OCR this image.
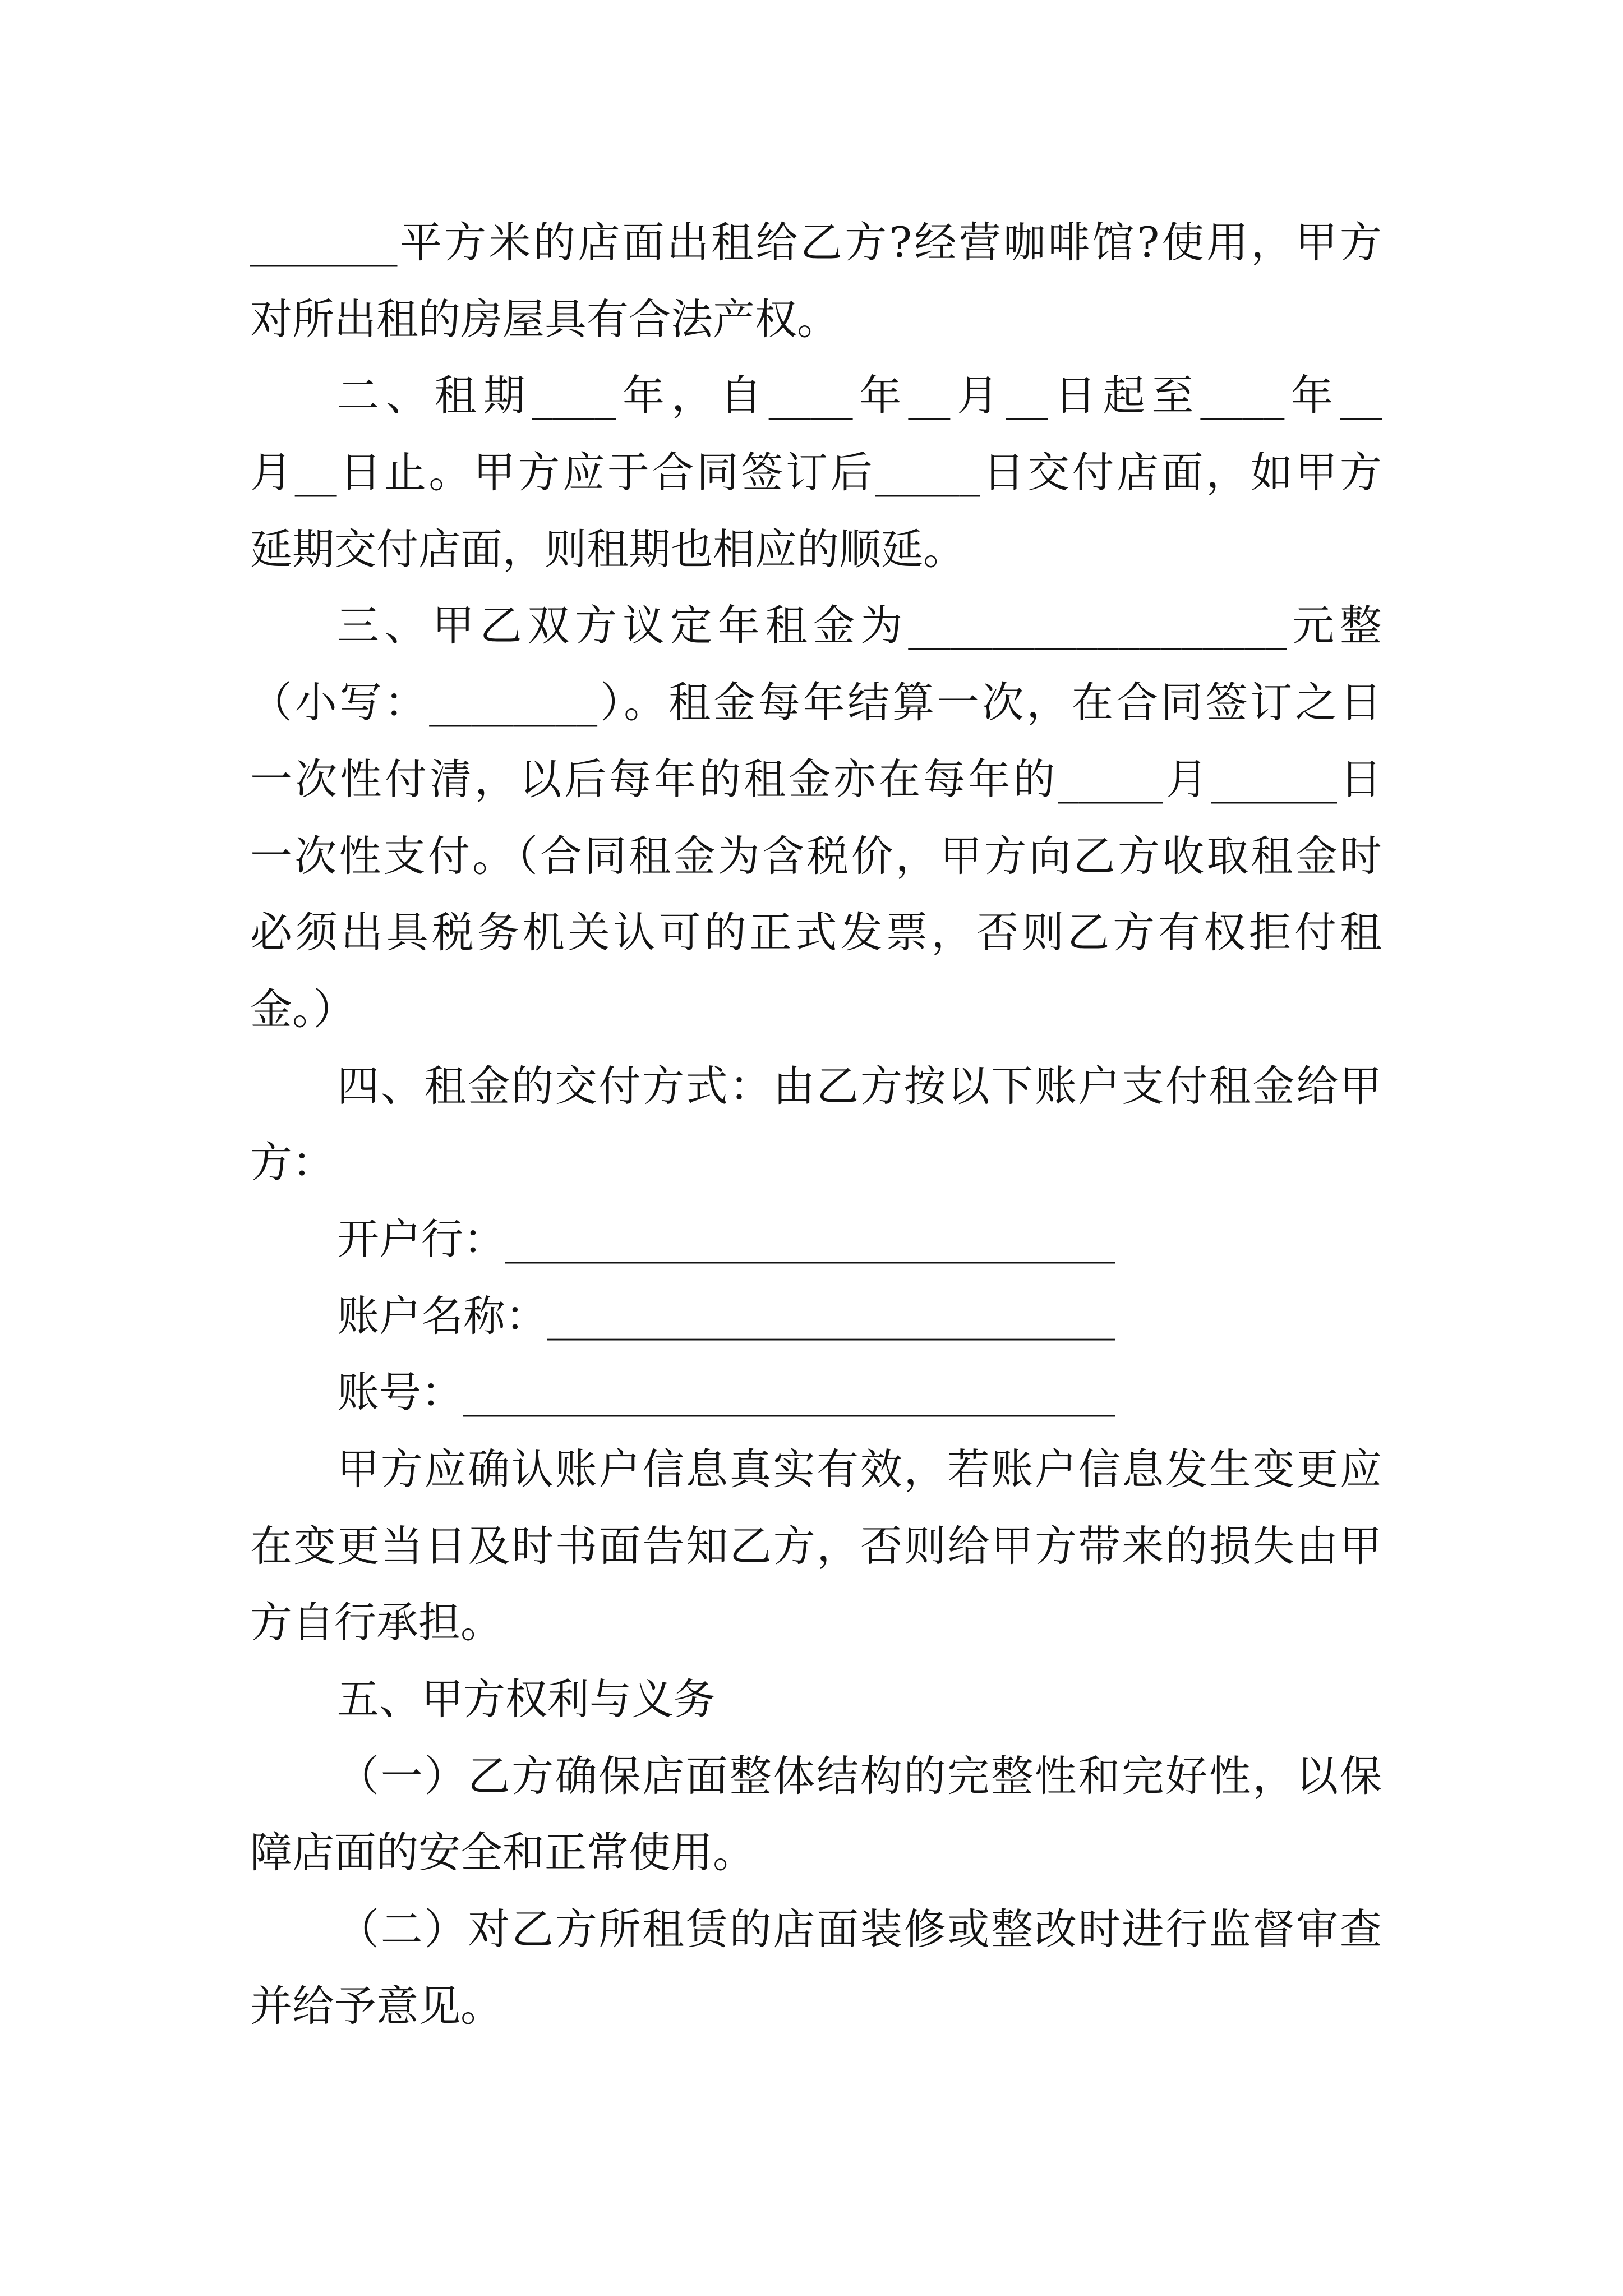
_______平方米的店面出租给乙方?经营咖啡馆?使用，甲方
对所出租的房屋具有合法产权。
二、租期____年，自____年__月__日起至____年__
月__日止。甲方应于合同签订后_____日交付店面，如甲方
延期交付店面，则租期也相应的顺延。
三、甲乙双方议定年租金为__________________元整
（小写：________）。租金每年结算一次，在合同签订之日
一次性付清，以后每年的租金亦在每年的_____月______日
一次性支付。（合同租金为含税价，甲方向乙方收取租金时
必须出具税务机关认可的正式发票，否则乙方有权拒付租
金。）
四、租金的交付方式：由乙方按以下账户支付租金给甲
方：
开户行：_____________________________
账户名称：___________________________
账号：_______________________________
甲方应确认账户信息真实有效，若账户信息发生变更应
在变更当日及时书面告知乙方，否则给甲方带来的损失由甲
方自行承担。
五、甲方权利与义务
（一）乙方确保店面整体结构的完整性和完好性，以保
障店面的安全和正常使用。
（二）对乙方所租赁的店面装修或整改时进行监督审查
并给予意见。
